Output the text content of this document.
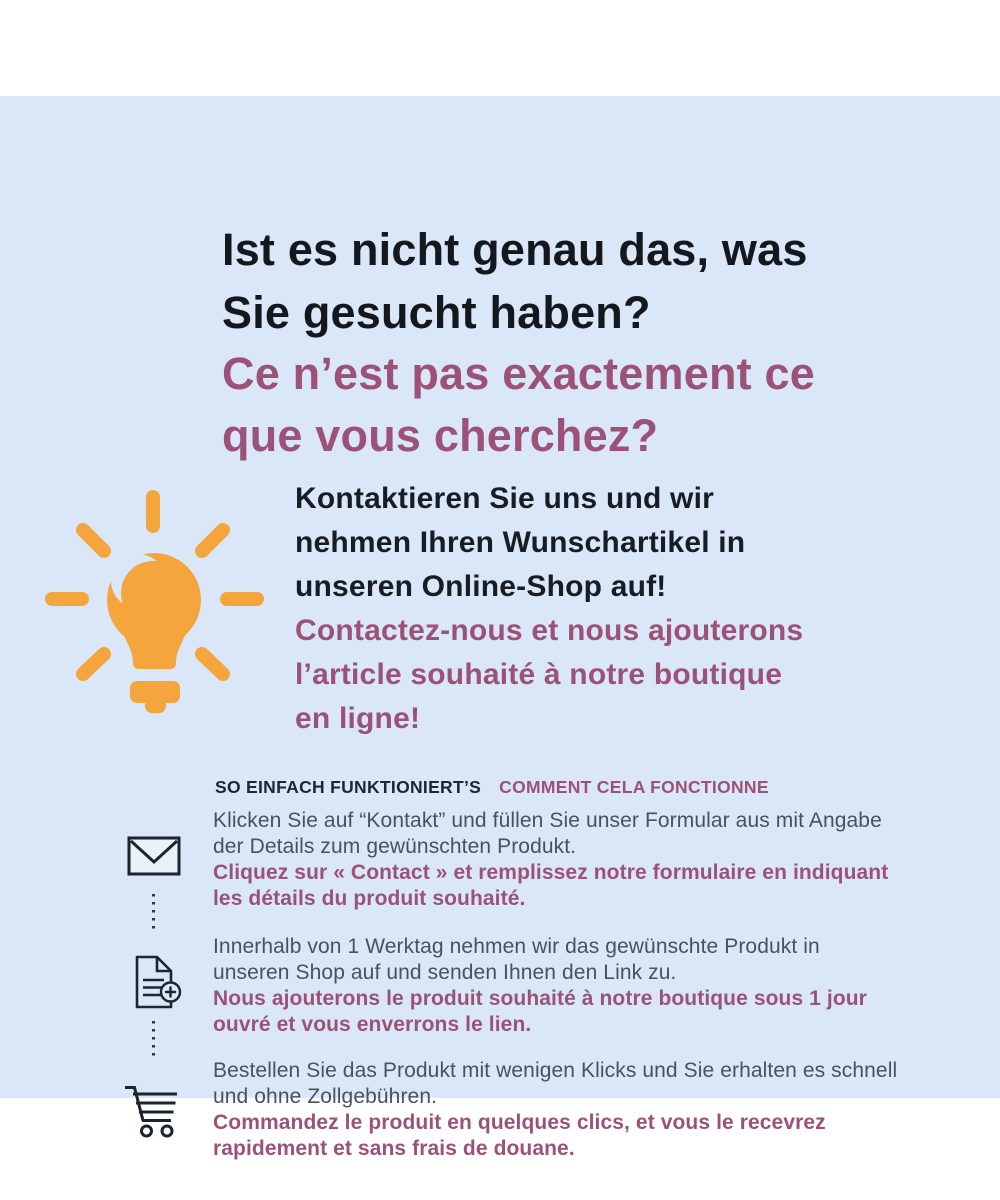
Ist es nicht genau das, was
Sie gesucht haben?
Ce n’est pas exactement ce
que vous cherchez?
Kontaktieren Sie uns und wir
nehmen Ihren Wunschartikel in
unseren Online-Shop auf!
Contactez-nous et nous ajouterons
l’article souhaité à notre boutique
en ligne!
SO EINFACH FUNKTIONIERT’S COMMENT CELA FONCTIONNE
Klicken Sie auf “Kontakt” und füllen Sie unser Formular aus mit Angabe
der Details zum gewünschten Produkt.
Cliquez sur « Contact » et remplissez notre formulaire en indiquant
les détails du produit souhaité.
Innerhalb von 1 Werktag nehmen wir das gewünschte Produkt in
unseren Shop auf und senden Ihnen den Link zu.
Nous ajouterons le produit souhaité à notre boutique sous 1 jour
ouvré et vous enverrons le lien.
Bestellen Sie das Produkt mit wenigen Klicks und Sie erhalten es schnell
und ohne Zollgebühren.
Commandez le produit en quelques clics, et vous le recevrez
rapidement et sans frais de douane.
